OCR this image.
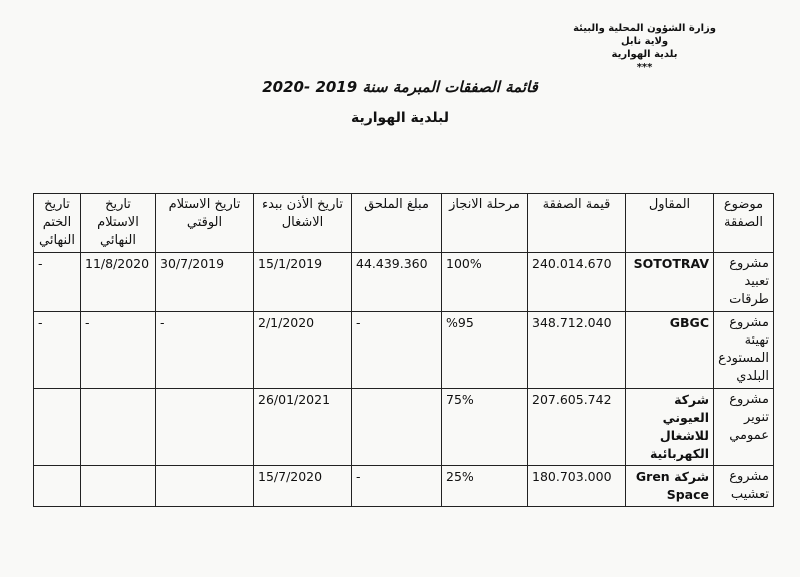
وزارة الشؤون المحلية والبيئة
ولاية نابل
بلدية الهوارية
***
قائمة الصفقات المبرمة سنة 2019 -2020
لبلدية الهوارية
موضوع الصفقة	المقاول	قيمة الصفقة	مرحلة الانجاز	مبلغ الملحق	تاريخ الأذن ببدء الاشغال	تاريخ الاستلام الوقتي	تاريخ الاستلام النهائي	تاريخ الختم النهائي
مشروع تعبيد طرقات	SOTOTRAV	240.014.670	100%	44.439.360	15/1/2019	30/7/2019	11/8/2020	-
مشروع تهيئة المستودع البلدي	GBGC	348.712.040	%95	-	2/1/2020	-	-	-
مشروع تنوير عمومي	شركة العيوني للاشغال الكهربائية	207.605.742	75%		26/01/2021			
مشروع تعشيب	شركة Gren Space	180.703.000	25%	-	15/7/2020			
